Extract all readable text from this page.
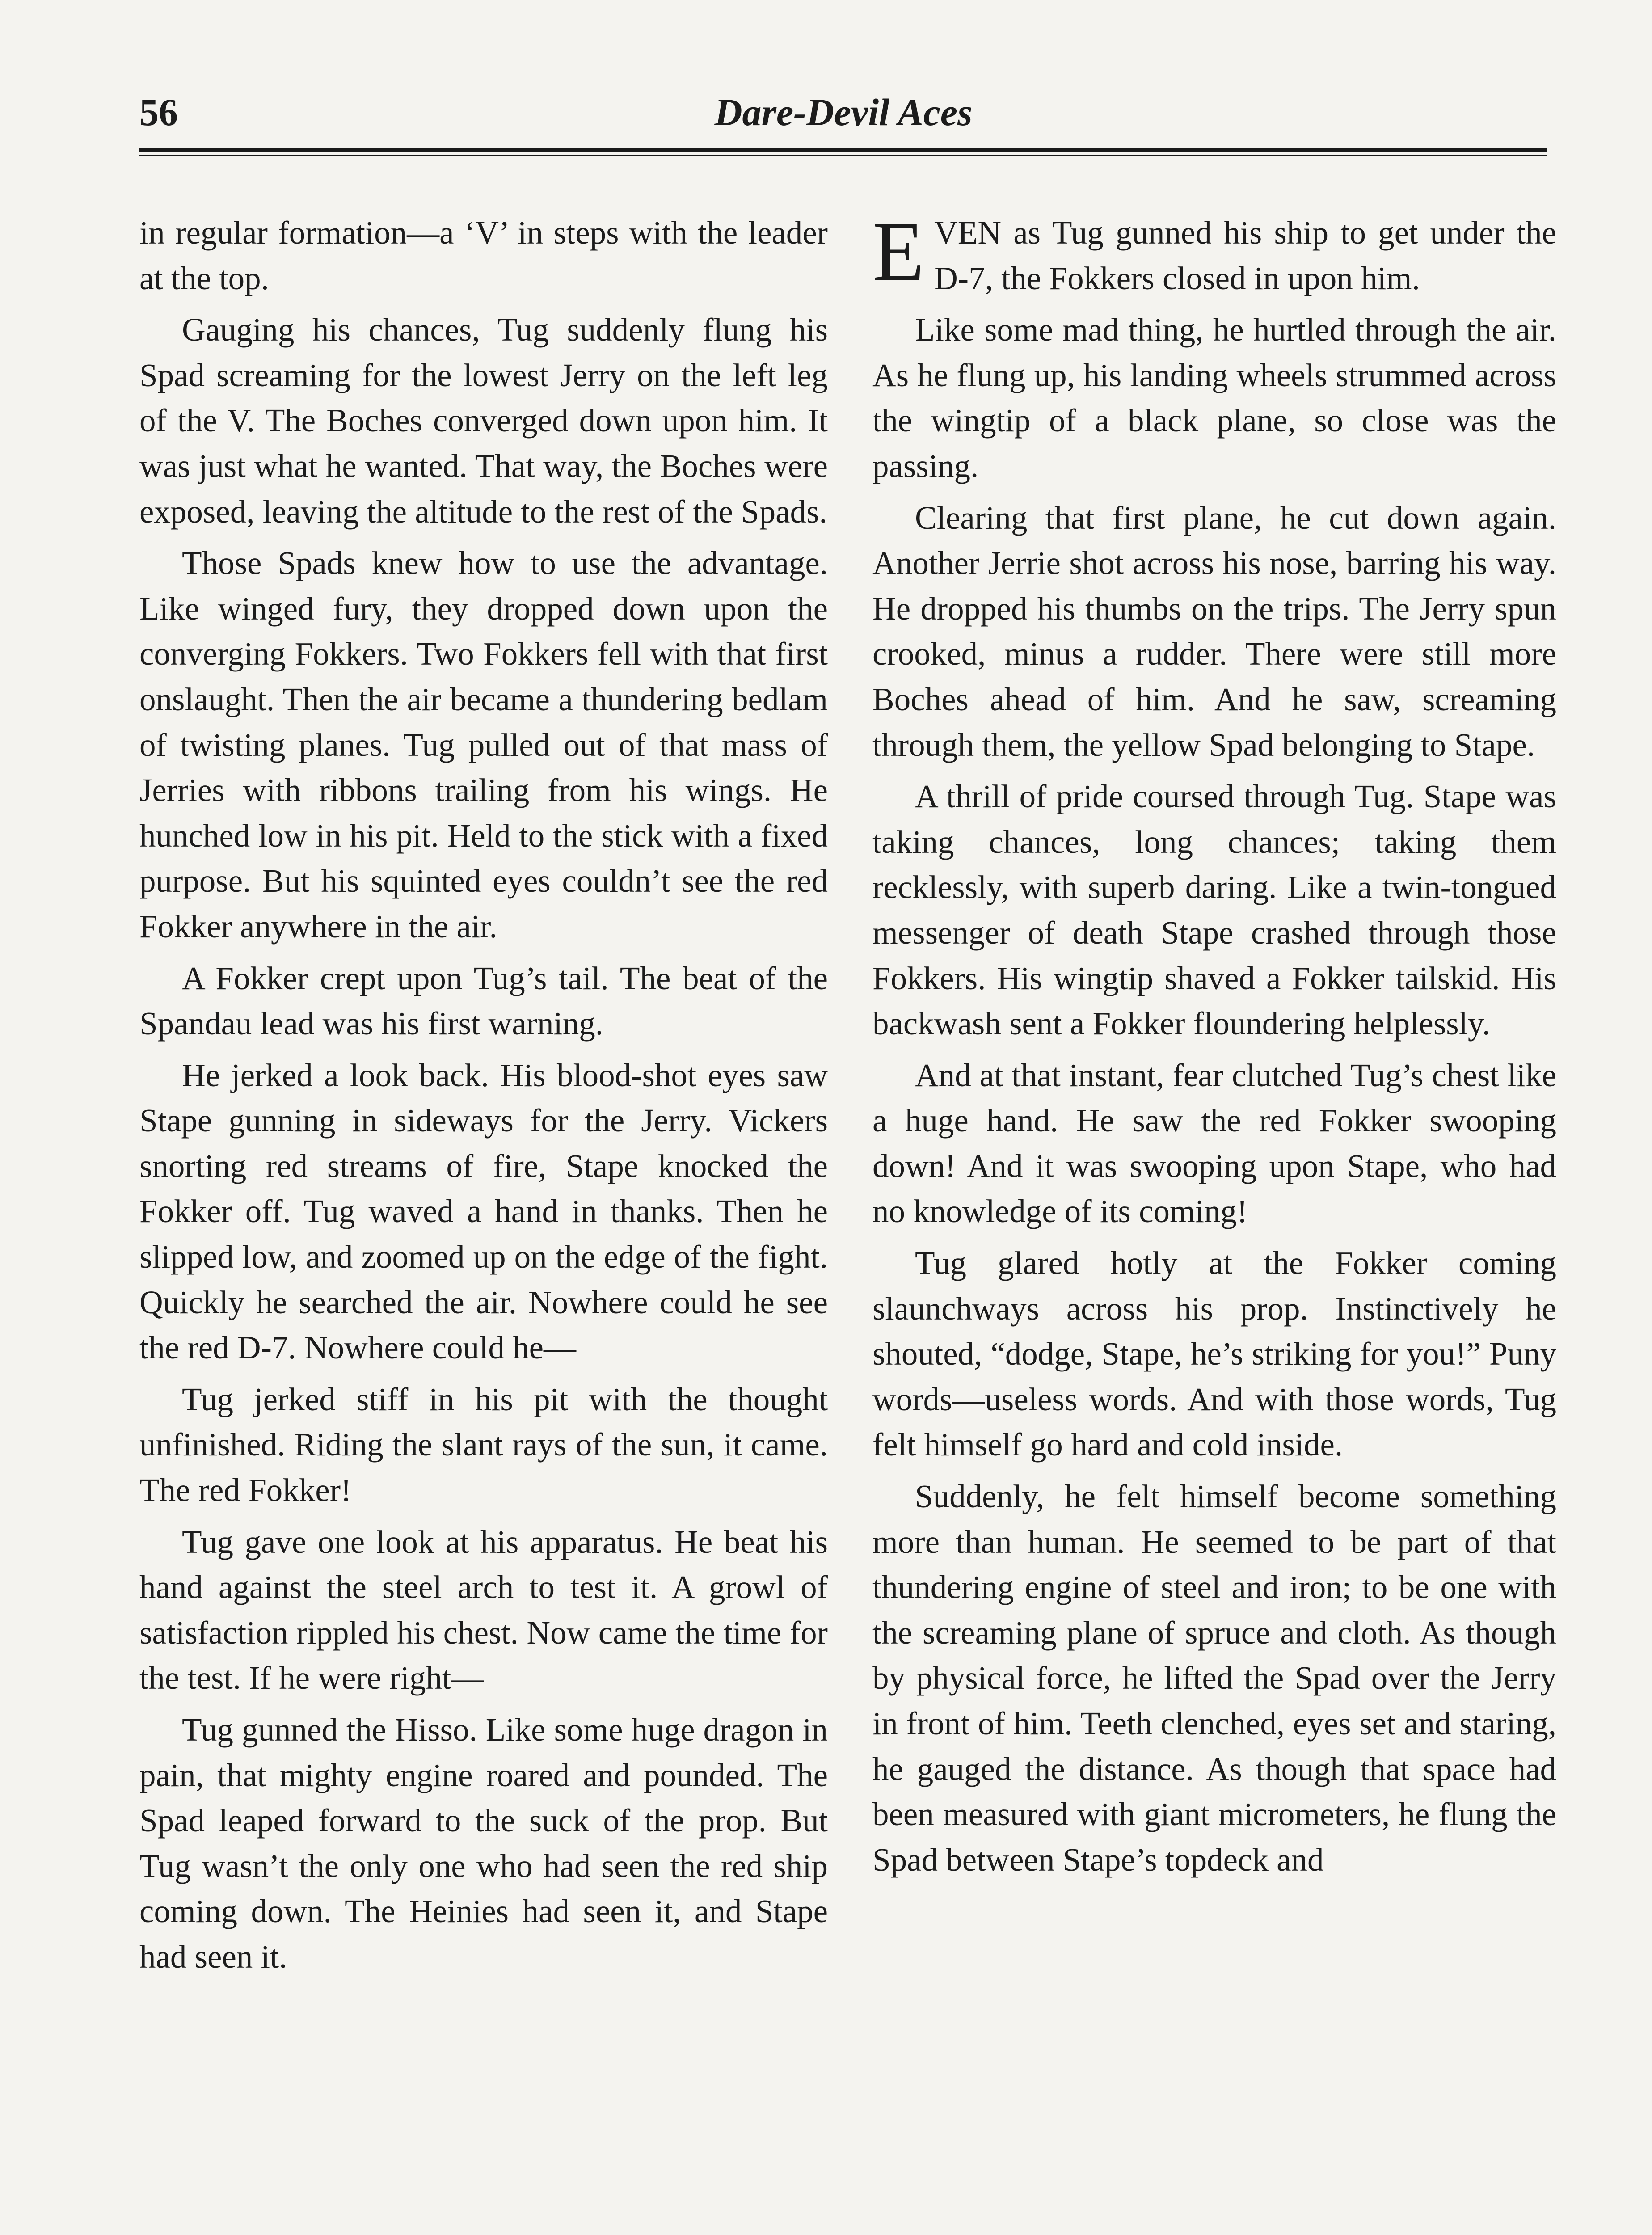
56	Dare-Devil Aces

in regular formation—a ‘V’ in steps with the leader at the top.

Gauging his chances, Tug suddenly flung his Spad screaming for the lowest Jerry on the left leg of the V. The Boches converged down upon him. It was just what he wanted. That way, the Boches were exposed, leaving the altitude to the rest of the Spads.

Those Spads knew how to use the advantage. Like winged fury, they dropped down upon the converging Fokkers. Two Fokkers fell with that first onslaught. Then the air became a thundering bedlam of twisting planes. Tug pulled out of that mass of Jerries with ribbons trailing from his wings. He hunched low in his pit. Held to the stick with a fixed purpose. But his squinted eyes couldn’t see the red Fokker anywhere in the air.

A Fokker crept upon Tug’s tail. The beat of the Spandau lead was his first warning.

He jerked a look back. His blood-shot eyes saw Stape gunning in sideways for the Jerry. Vickers snorting red streams of fire, Stape knocked the Fokker off. Tug waved a hand in thanks. Then he slipped low, and zoomed up on the edge of the fight. Quickly he searched the air. Nowhere could he see the red D-7. Nowhere could he—

Tug jerked stiff in his pit with the thought unfinished. Riding the slant rays of the sun, it came. The red Fokker!

Tug gave one look at his apparatus. He beat his hand against the steel arch to test it. A growl of satisfaction rippled his chest. Now came the time for the test. If he were right—

Tug gunned the Hisso. Like some huge dragon in pain, that mighty engine roared and pounded. The Spad leaped forward to the suck of the prop. But Tug wasn’t the only one who had seen the red ship coming down. The Heinies had seen it, and Stape had seen it.

EVEN as Tug gunned his ship to get under the D-7, the Fokkers closed in upon him.

Like some mad thing, he hurtled through the air. As he flung up, his landing wheels strummed across the wingtip of a black plane, so close was the passing.

Clearing that first plane, he cut down again. Another Jerrie shot across his nose, barring his way. He dropped his thumbs on the trips. The Jerry spun crooked, minus a rudder. There were still more Boches ahead of him. And he saw, screaming through them, the yellow Spad belonging to Stape.

A thrill of pride coursed through Tug. Stape was taking chances, long chances; taking them recklessly, with superb daring. Like a twin-tongued messenger of death Stape crashed through those Fokkers. His wingtip shaved a Fokker tailskid. His backwash sent a Fokker floundering helplessly.

And at that instant, fear clutched Tug’s chest like a huge hand. He saw the red Fokker swooping down! And it was swooping upon Stape, who had no knowledge of its coming!

Tug glared hotly at the Fokker coming slaunchways across his prop. Instinctively he shouted, “dodge, Stape, he’s striking for you!” Puny words—useless words. And with those words, Tug felt himself go hard and cold inside.

Suddenly, he felt himself become something more than human. He seemed to be part of that thundering engine of steel and iron; to be one with the screaming plane of spruce and cloth. As though by physical force, he lifted the Spad over the Jerry in front of him. Teeth clenched, eyes set and staring, he gauged the distance. As though that space had been measured with giant micrometers, he flung the Spad between Stape’s topdeck and
